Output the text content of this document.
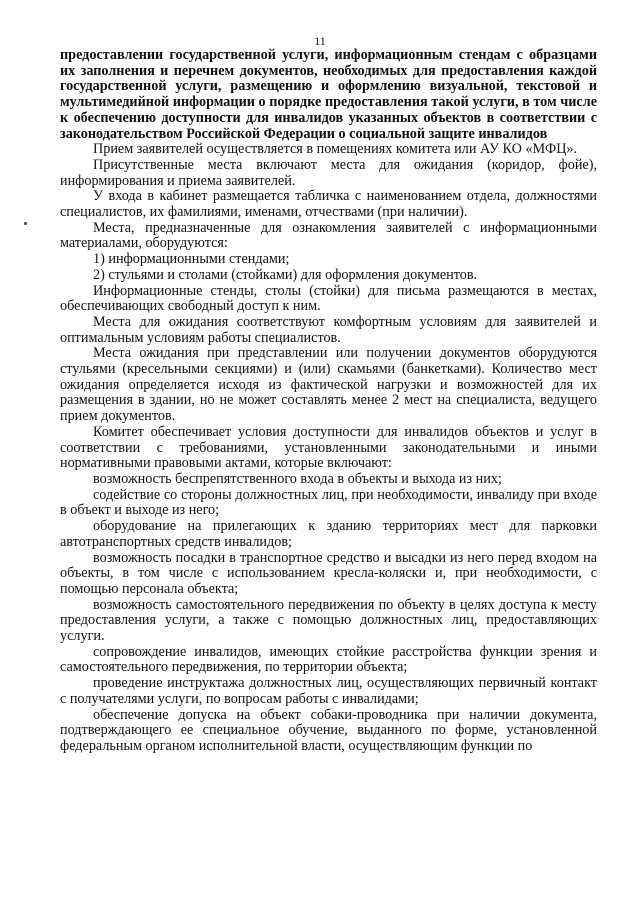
11

предоставлении государственной услуги, информационным стендам с образцами их заполнения и перечнем документов, необходимых для предоставления каждой государственной услуги, размещению и оформлению визуальной, текстовой и мультимедийной информации о порядке предоставления такой услуги, в том числе к обеспечению доступности для инвалидов указанных объектов в соответствии с законодательством Российской Федерации о социальной защите инвалидов

Прием заявителей осуществляется в помещениях комитета или АУ КО «МФЦ».

Присутственные места включают места для ожидания (коридор, фойе), информирования и приема заявителей.

У входа в кабинет размещается табличка с наименованием отдела, должностями специалистов, их фамилиями, именами, отчествами (при наличии).

Места, предназначенные для ознакомления заявителей с информационными материалами, оборудуются:

1) информационными стендами;

2) стульями и столами (стойками) для оформления документов.

Информационные стенды, столы (стойки) для письма размещаются в местах, обеспечивающих свободный доступ к ним.

Места для ожидания соответствуют комфортным условиям для заявителей и оптимальным условиям работы специалистов.

Места ожидания при представлении или получении документов оборудуются стульями (кресельными секциями) и (или) скамьями (банкетками). Количество мест ожидания определяется исходя из фактической нагрузки и возможностей для их размещения в здании, но не может составлять менее 2 мест на специалиста, ведущего прием документов.

Комитет обеспечивает условия доступности для инвалидов объектов и услуг в соответствии с требованиями, установленными законодательными и иными нормативными правовыми актами, которые включают:

возможность беспрепятственного входа в объекты и выхода из них;

содействие со стороны должностных лиц, при необходимости, инвалиду при входе в объект и выходе из него;

оборудование на прилегающих к зданию территориях мест для парковки автотранспортных средств инвалидов;

возможность посадки в транспортное средство и высадки из него перед входом на объекты, в том числе с использованием кресла-коляски и, при необходимости, с помощью персонала объекта;

возможность самостоятельного передвижения по объекту в целях доступа к месту предоставления услуги, а также с помощью должностных лиц, предоставляющих услуги.

сопровождение инвалидов, имеющих стойкие расстройства функции зрения и самостоятельного передвижения, по территории объекта;

проведение инструктажа должностных лиц, осуществляющих первичный контакт с получателями услуги, по вопросам работы с инвалидами;

обеспечение допуска на объект собаки-проводника при наличии документа, подтверждающего ее специальное обучение, выданного по форме, установленной федеральным органом исполнительной власти, осуществляющим функции по
